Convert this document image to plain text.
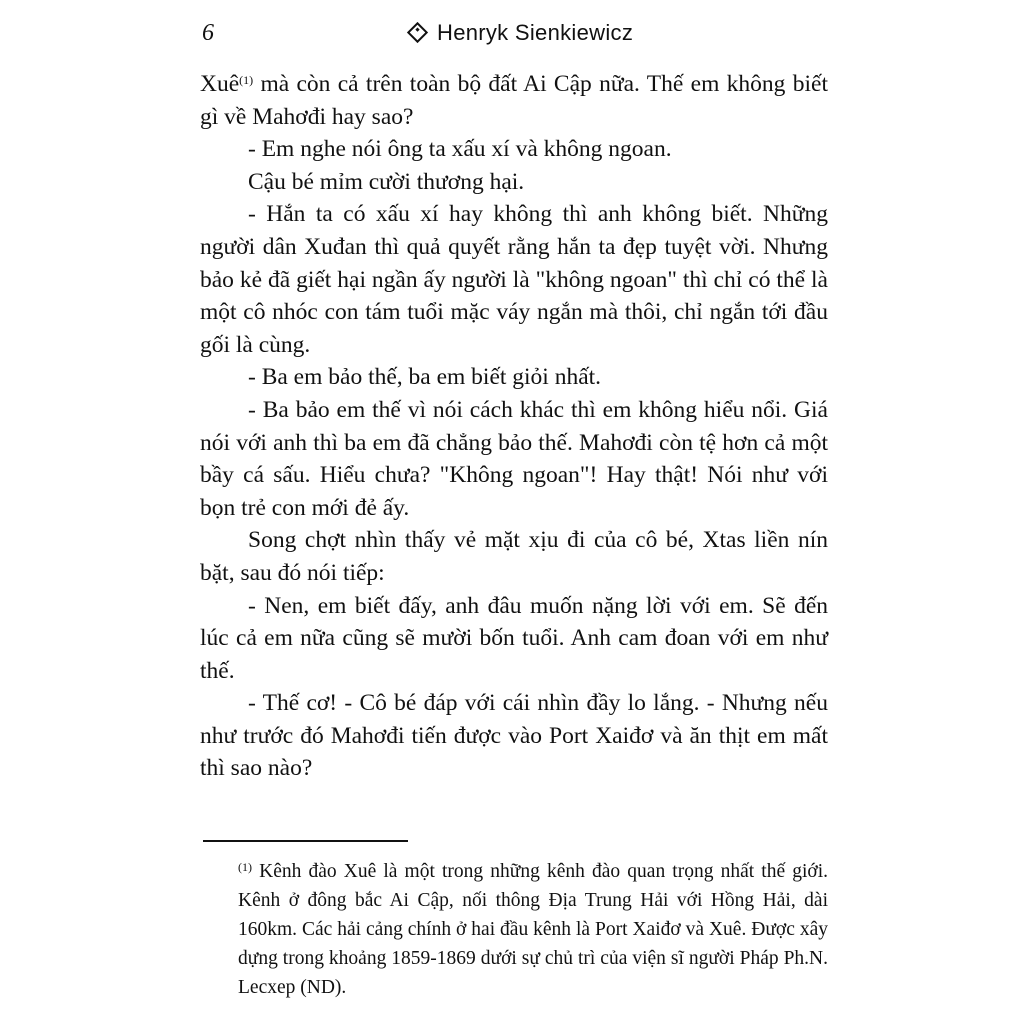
6	Henryk Sienkiewicz

Xuê$^{(1)}$ mà còn cả trên toàn bộ đất Ai Cập nữa. Thế em không biết gì về Mahơđi hay sao?

- Em nghe nói ông ta xấu xí và không ngoan.

Cậu bé mỉm cười thương hại.

- Hắn ta có xấu xí hay không thì anh không biết. Những người dân Xuđan thì quả quyết rằng hắn ta đẹp tuyệt vời. Nhưng bảo kẻ đã giết hại ngần ấy người là "không ngoan" thì chỉ có thể là một cô nhóc con tám tuổi mặc váy ngắn mà thôi, chỉ ngắn tới đầu gối là cùng.

- Ba em bảo thế, ba em biết giỏi nhất.

- Ba bảo em thế vì nói cách khác thì em không hiểu nổi. Giá nói với anh thì ba em đã chẳng bảo thế. Mahơđi còn tệ hơn cả một bầy cá sấu. Hiểu chưa? "Không ngoan"! Hay thật! Nói như với bọn trẻ con mới đẻ ấy.

Song chợt nhìn thấy vẻ mặt xịu đi của cô bé, Xtas liền nín bặt, sau đó nói tiếp:

- Nen, em biết đấy, anh đâu muốn nặng lời với em. Sẽ đến lúc cả em nữa cũng sẽ mười bốn tuổi. Anh cam đoan với em như thế.

- Thế cơ! - Cô bé đáp với cái nhìn đầy lo lắng. - Nhưng nếu như trước đó Mahơđi tiến được vào Port Xaiđơ và ăn thịt em mất thì sao nào?

$^{(1)}$ Kênh đào Xuê là một trong những kênh đào quan trọng nhất thế giới. Kênh ở đông bắc Ai Cập, nối thông Địa Trung Hải với Hồng Hải, dài 160km. Các hải cảng chính ở hai đầu kênh là Port Xaiđơ và Xuê. Được xây dựng trong khoảng 1859-1869 dưới sự chủ trì của viện sĩ người Pháp Ph.N. Lecxep (ND).
